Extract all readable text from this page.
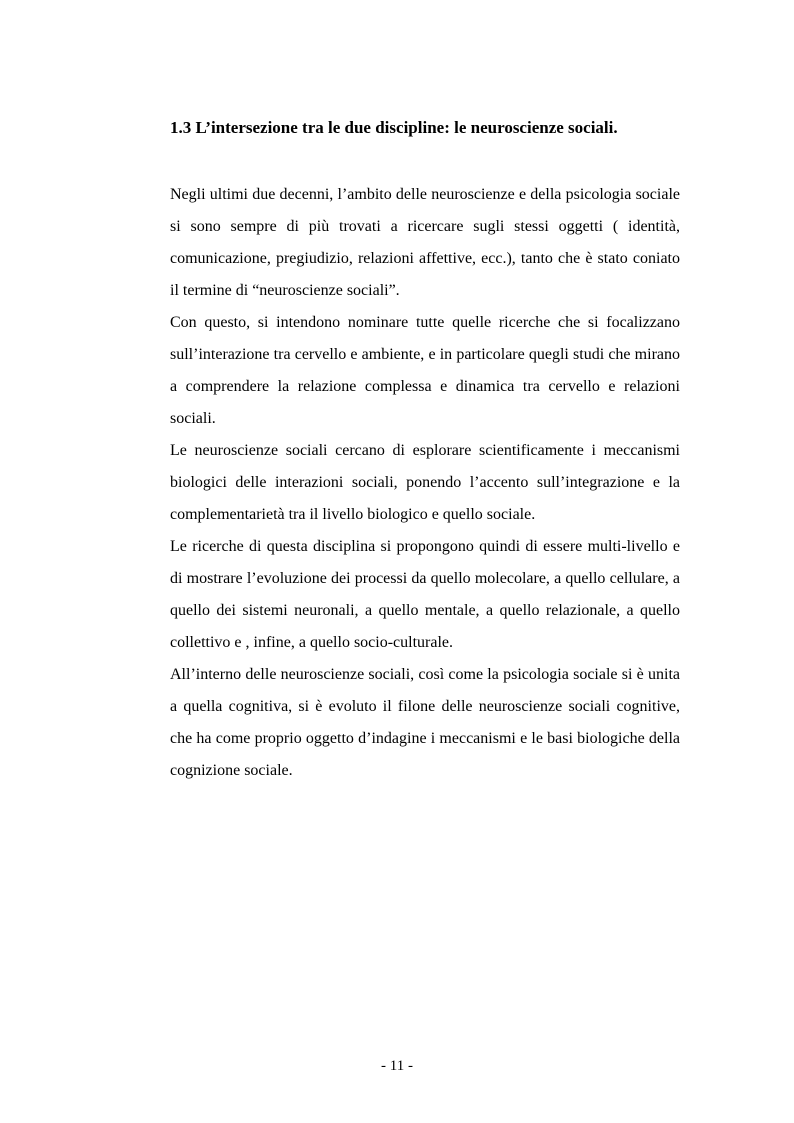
1.3 L’intersezione tra le due discipline: le neuroscienze sociali.

Negli ultimi due decenni, l’ambito delle neuroscienze e della psicologia sociale si sono sempre di più trovati a ricercare sugli stessi oggetti ( identità, comunicazione, pregiudizio, relazioni affettive, ecc.), tanto che è stato coniato il termine di “neuroscienze sociali”.

Con questo, si intendono nominare tutte quelle ricerche che si focalizzano sull’interazione tra cervello e ambiente, e in particolare quegli studi che mirano a comprendere la relazione complessa e dinamica tra cervello e relazioni sociali.

Le neuroscienze sociali cercano di esplorare scientificamente i meccanismi biologici delle interazioni sociali, ponendo l’accento sull’integrazione e la complementarietà tra il livello biologico e quello sociale.

Le ricerche di questa disciplina si propongono quindi di essere multi-livello e di mostrare l’evoluzione dei processi da quello molecolare, a quello cellulare, a quello dei sistemi neuronali, a quello mentale, a quello relazionale, a quello collettivo e , infine, a quello socio-culturale.

All’interno delle neuroscienze sociali, così come la psicologia sociale si è unita a quella cognitiva, si è evoluto il filone delle neuroscienze sociali cognitive, che ha come proprio oggetto d’indagine i meccanismi e le basi biologiche della cognizione sociale.

- 11 -
